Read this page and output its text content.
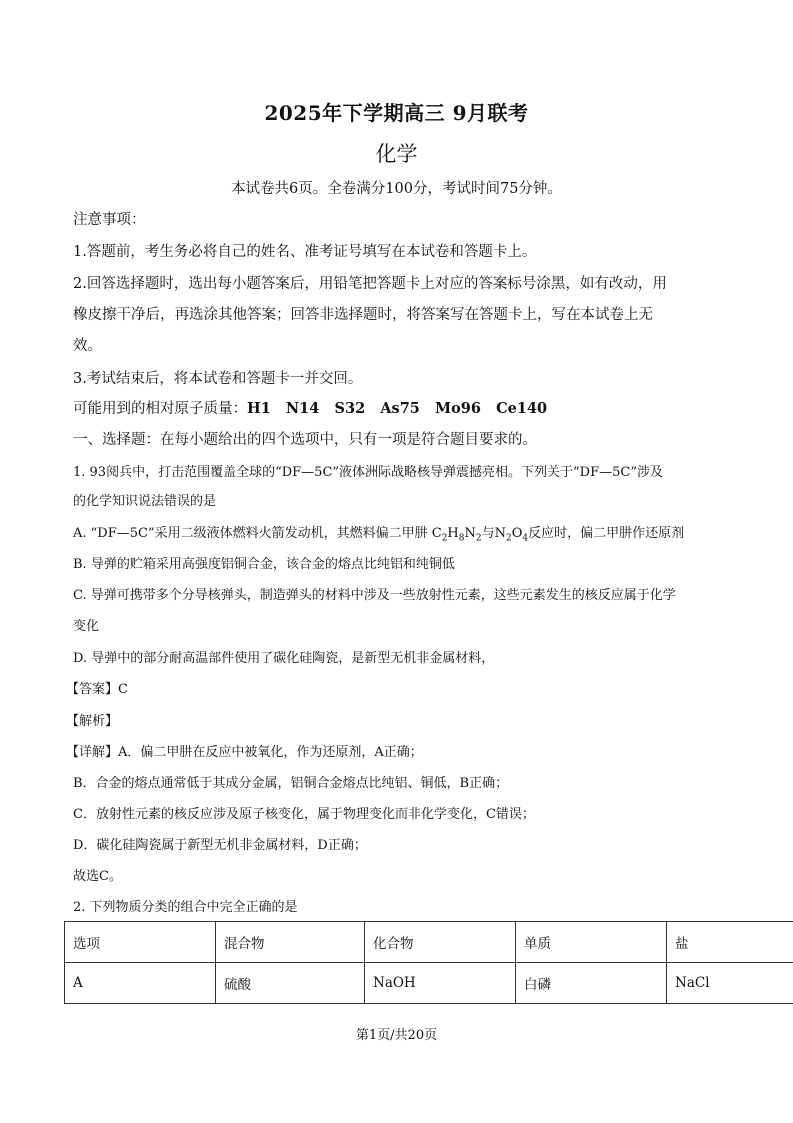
2025年下学期高三 9月联考
化学
本试卷共6页。全卷满分100分，考试时间75分钟。
注意事项：
1.答题前，考生务必将自己的姓名、准考证号填写在本试卷和答题卡上。
2.回答选择题时，选出每小题答案后，用铅笔把答题卡上对应的答案标号涂黑，如有改动，用
橡皮擦干净后，再选涂其他答案；回答非选择题时，将答案写在答题卡上，写在本试卷上无
效。
3.考试结束后，将本试卷和答题卡一并交回。
可能用到的相对原子质量：H1   N14   S32   As75   Mo96   Ce140
一、选择题：在每小题给出的四个选项中，只有一项是符合题目要求的。
1. 93阅兵中，打击范围覆盖全球的“DF—5C”液体洲际战略核导弹震撼亮相。下列关于“DF—5C”涉及
的化学知识说法错误的是
A. “DF—5C”采用二级液体燃料火箭发动机，其燃料偏二甲肼 $C_2H_8N_2$与$N_2O_4$反应时，偏二甲肼作还原剂
B. 导弹的贮箱采用高强度铝铜合金，该合金的熔点比纯铝和纯铜低
C. 导弹可携带多个分导核弹头，制造弹头的材料中涉及一些放射性元素，这些元素发生的核反应属于化学
变化
D. 导弹中的部分耐高温部件使用了碳化硅陶瓷，是新型无机非金属材料，
【答案】C
【解析】
【详解】A．偏二甲肼在反应中被氧化，作为还原剂，A正确；
B．合金的熔点通常低于其成分金属，铝铜合金熔点比纯铝、铜低，B正确；
C．放射性元素的核反应涉及原子核变化，属于物理变化而非化学变化，C错误；
D．碳化硅陶瓷属于新型无机非金属材料，D正确；
故选C。
2. 下列物质分类的组合中完全正确的是
选项	混合物	化合物	单质	盐
A	硫酸	NaOH	白磷	NaCl
第1页/共20页
